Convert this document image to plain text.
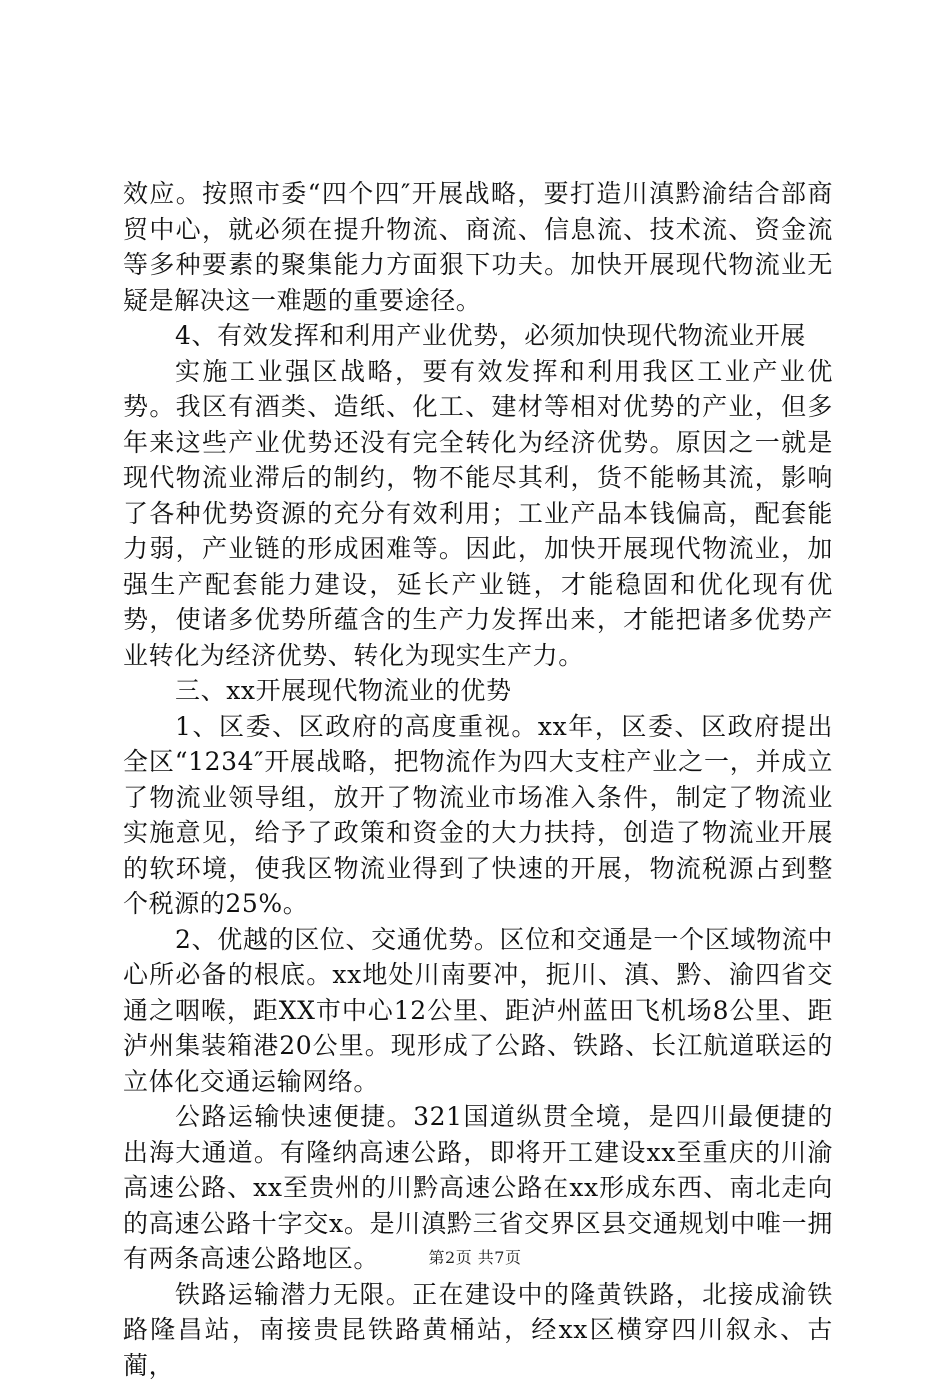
效应。按照市委“四个四″开展战略，要打造川滇黔渝结合部商贸中心，就必须在提升物流、商流、信息流、技术流、资金流等多种要素的聚集能力方面狠下功夫。加快开展现代物流业无疑是解决这一难题的重要途径。

4、有效发挥和利用产业优势，必须加快现代物流业开展

实施工业强区战略，要有效发挥和利用我区工业产业优势。我区有酒类、造纸、化工、建材等相对优势的产业，但多年来这些产业优势还没有完全转化为经济优势。原因之一就是现代物流业滞后的制约，物不能尽其利，货不能畅其流，影响了各种优势资源的充分有效利用；工业产品本钱偏高，配套能力弱，产业链的形成困难等。因此，加快开展现代物流业，加强生产配套能力建设，延长产业链，才能稳固和优化现有优势，使诸多优势所蕴含的生产力发挥出来，才能把诸多优势产业转化为经济优势、转化为现实生产力。

三、xx开展现代物流业的优势

1、区委、区政府的高度重视。xx年，区委、区政府提出全区“1234″开展战略，把物流作为四大支柱产业之一，并成立了物流业领导组，放开了物流业市场准入条件，制定了物流业实施意见，给予了政策和资金的大力扶持，创造了物流业开展的软环境，使我区物流业得到了快速的开展，物流税源占到整个税源的25%。

2、优越的区位、交通优势。区位和交通是一个区域物流中心所必备的根底。xx地处川南要冲，扼川、滇、黔、渝四省交通之咽喉，距XX市中心12公里、距泸州蓝田飞机场8公里、距泸州集装箱港20公里。现形成了公路、铁路、长江航道联运的立体化交通运输网络。

公路运输快速便捷。321国道纵贯全境，是四川最便捷的出海大通道。有隆纳高速公路，即将开工建设xx至重庆的川渝高速公路、xx至贵州的川黔高速公路在xx形成东西、南北走向的高速公路十字交x。是川滇黔三省交界区县交通规划中唯一拥有两条高速公路地区。

铁路运输潜力无限。正在建设中的隆黄铁路，北接成渝铁路隆昌站，南接贵昆铁路黄桶站，经xx区横穿四川叙永、古蔺，

第2页 共7页
